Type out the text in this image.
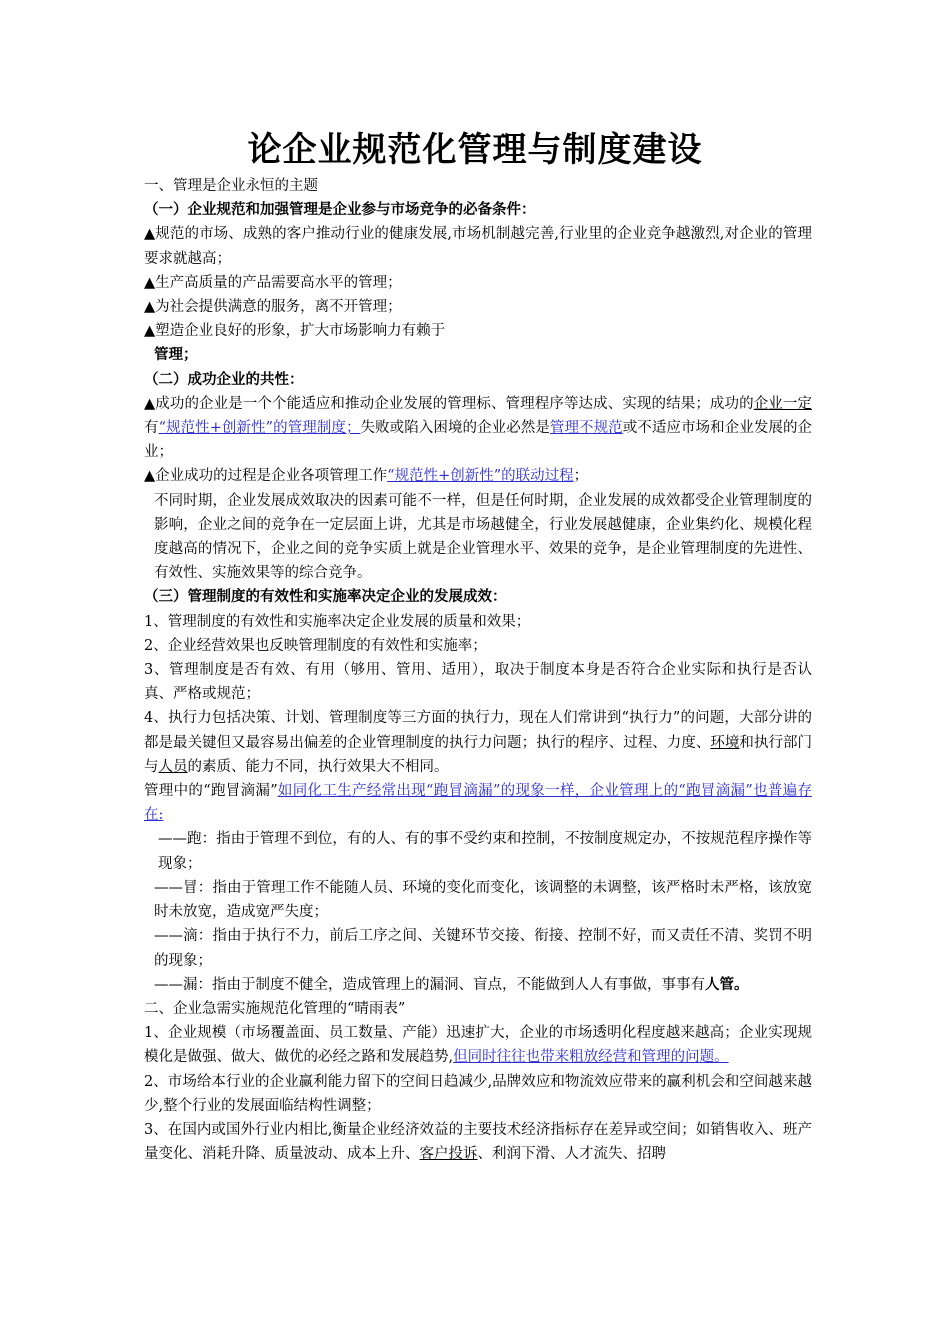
论企业规范化管理与制度建设

一、管理是企业永恒的主题

（一）企业规范和加强管理是企业参与市场竞争的必备条件：

▲规范的市场、成熟的客户推动行业的健康发展,市场机制越完善,行业里的企业竞争越激烈,对企业的管理要求就越高；

▲生产高质量的产品需要高水平的管理；

▲为社会提供满意的服务，离不开管理；

▲塑造企业良好的形象，扩大市场影响力有赖于

管理；

（二）成功企业的共性：

▲成功的企业是一个个能适应和推动企业发展的管理标、管理程序等达成、实现的结果；成功的企业一定有“规范性+创新性”的管理制度；失败或陷入困境的企业必然是管理不规范或不适应市场和企业发展的企业；

▲企业成功的过程是企业各项管理工作“规范性+创新性”的联动过程；

不同时期，企业发展成效取决的因素可能不一样，但是任何时期，企业发展的成效都受企业管理制度的影响，企业之间的竞争在一定层面上讲，尤其是市场越健全，行业发展越健康，企业集约化、规模化程度越高的情况下，企业之间的竞争实质上就是企业管理水平、效果的竞争，是企业管理制度的先进性、有效性、实施效果等的综合竞争。

（三）管理制度的有效性和实施率决定企业的发展成效：

1、管理制度的有效性和实施率决定企业发展的质量和效果；

2、企业经营效果也反映管理制度的有效性和实施率；

3、管理制度是否有效、有用（够用、管用、适用），取决于制度本身是否符合企业实际和执行是否认真、严格或规范；

4、执行力包括决策、计划、管理制度等三方面的执行力，现在人们常讲到“执行力”的问题，大部分讲的都是最关键但又最容易出偏差的企业管理制度的执行力问题；执行的程序、过程、力度、环境和执行部门与人员的素质、能力不同，执行效果大不相同。

管理中的“跑冒滴漏”如同化工生产经常出现“跑冒滴漏”的现象一样，企业管理上的“跑冒滴漏”也普遍存在:

——跑：指由于管理不到位，有的人、有的事不受约束和控制，不按制度规定办，不按规范程序操作等现象；

——冒：指由于管理工作不能随人员、环境的变化而变化，该调整的未调整，该严格时未严格，该放宽时未放宽，造成宽严失度；

——滴：指由于执行不力，前后工序之间、关键环节交接、衔接、控制不好，而又责任不清、奖罚不明的现象；

——漏：指由于制度不健全，造成管理上的漏洞、盲点，不能做到人人有事做，事事有人管。

二、企业急需实施规范化管理的“晴雨表”

1、企业规模（市场覆盖面、员工数量、产能）迅速扩大，企业的市场透明化程度越来越高；企业实现规模化是做强、做大、做优的必经之路和发展趋势,但同时往往也带来粗放经营和管理的问题。

2、市场给本行业的企业赢利能力留下的空间日趋减少,品牌效应和物流效应带来的赢利机会和空间越来越少,整个行业的发展面临结构性调整；

3、在国内或国外行业内相比,衡量企业经济效益的主要技术经济指标存在差异或空间；如销售收入、班产量变化、消耗升降、质量波动、成本上升、客户投诉、利润下滑、人才流失、招聘
